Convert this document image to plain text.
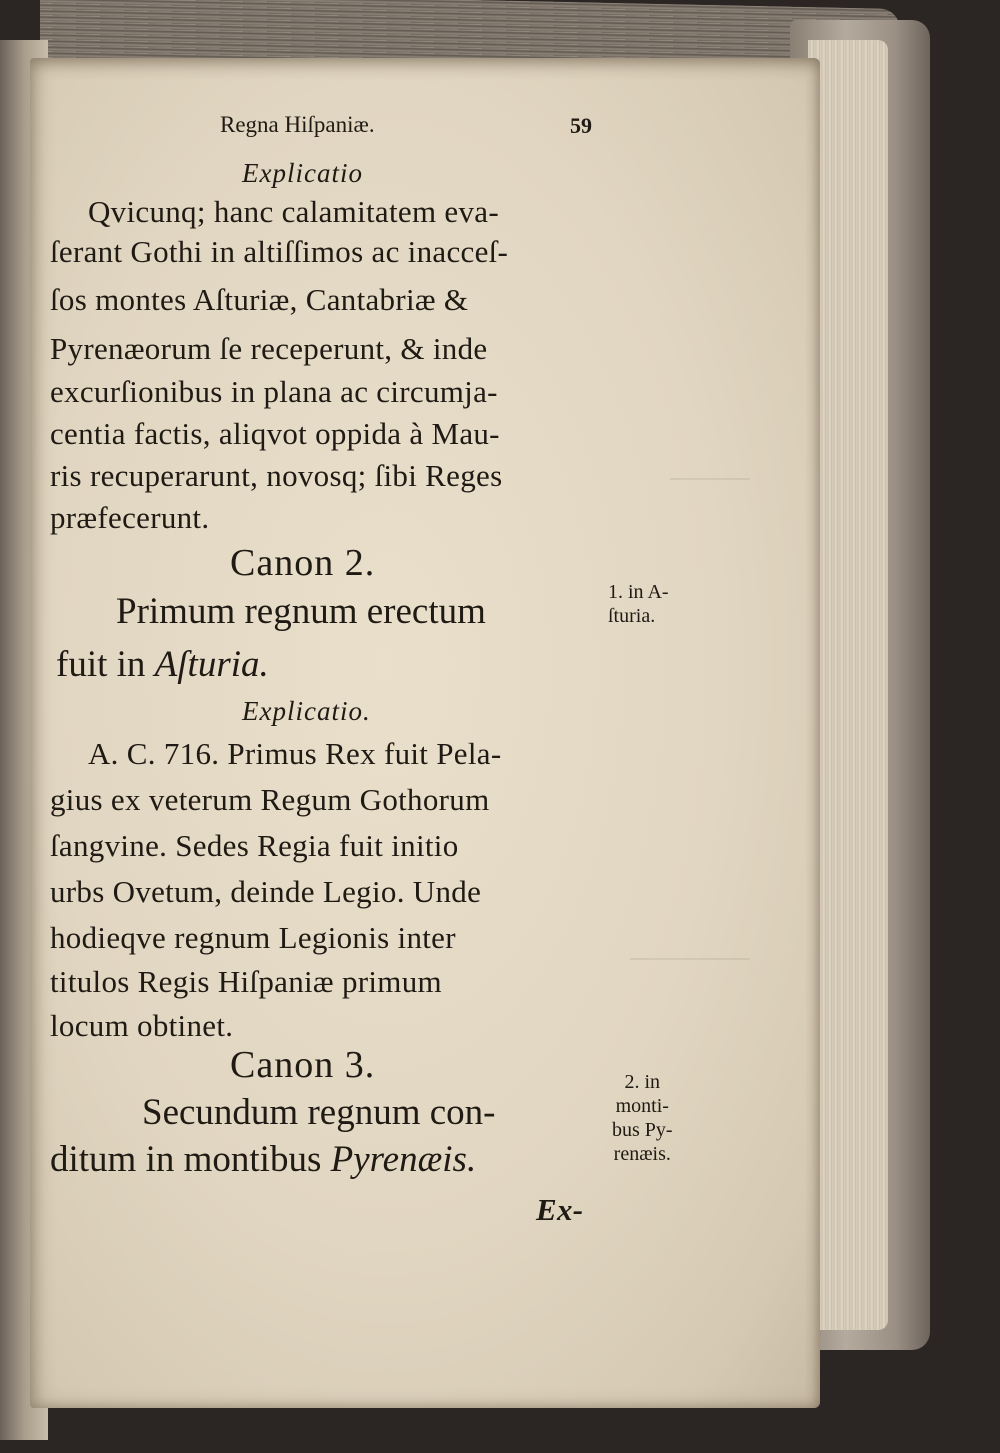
Regna Hiſpaniæ.	59
Explicatio
Qvicunq; hanc calamitatem eva-
ſerant Gothi in altiſſimos ac inacceſ-
ſos montes Aſturiæ, Cantabriæ &
Pyrenæorum ſe receperunt, & inde
excurſionibus in plana ac circumja-
centia factis, aliqvot oppida à Mau-
ris recuperarunt, novosq; ſibi Reges
præfecerunt.
Canon 2.
Primum regnum erectum
fuit in Aſturia.
1. in A-
ſturia.
Explicatio.
A. C. 716. Primus Rex fuit Pela-
gius ex veterum Regum Gothorum
ſangvine. Sedes Regia fuit initio
urbs Ovetum, deinde Legio. Unde
hodieqve regnum Legionis inter
titulos Regis Hiſpaniæ primum
locum obtinet.
Canon 3.
Secundum regnum con-
ditum in montibus Pyrenæis.
2. in
monti-
bus Py-
renæis.
Ex-
